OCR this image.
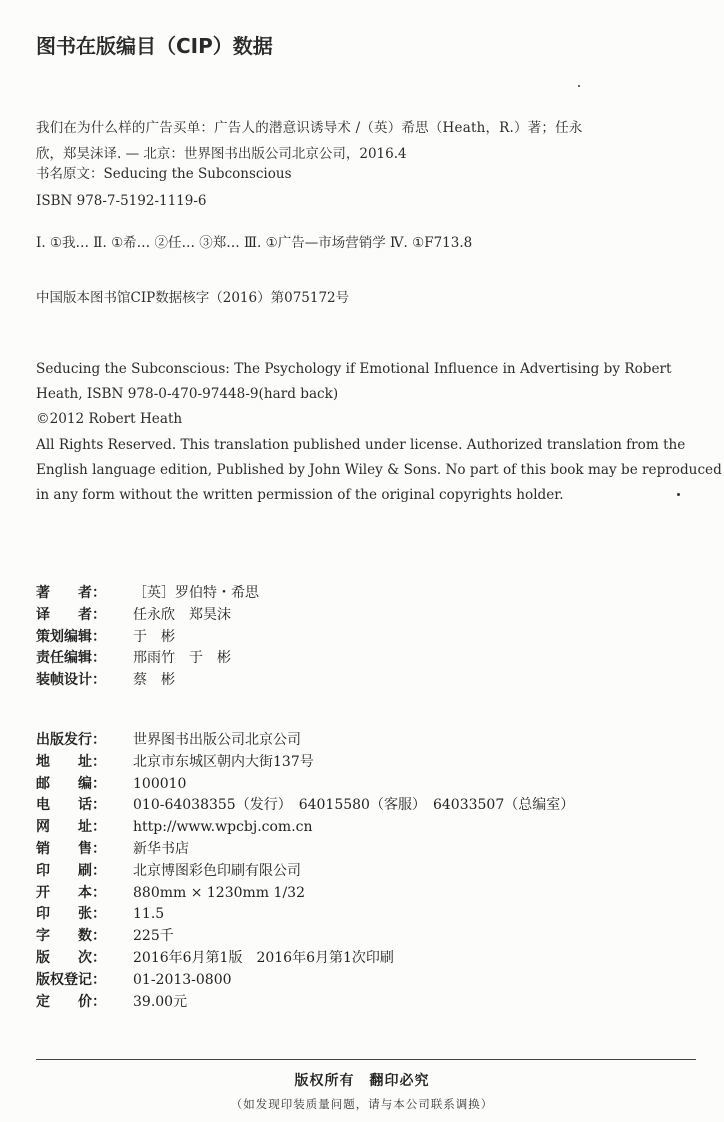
图书在版编目（CIP）数据
我们在为什么样的广告买单：广告人的潜意识诱导术 /（英）希思（Heath，R.）著；任永
欣，郑昊沫译. — 北京：世界图书出版公司北京公司，2016.4
书名原文：Seducing the Subconscious
ISBN 978-7-5192-1119-6
Ⅰ. ①我… Ⅱ. ①希… ②任… ③郑… Ⅲ. ①广告—市场营销学 Ⅳ. ①F713.8
中国版本图书馆CIP数据核字（2016）第075172号
Seducing the Subconscious: The Psychology if Emotional Influence in Advertising by Robert
Heath, ISBN 978-0-470-97448-9(hard back)
©2012 Robert Heath
All Rights Reserved. This translation published under license. Authorized translation from the
English language edition, Published by John Wiley & Sons. No part of this book may be reproduced
in any form without the written permission of the original copyrights holder.
著　　者：	［英］罗伯特・希思
译　　者：	任永欣　郑昊沫
策划编辑：	于　彬
责任编辑：	邢雨竹　于　彬
装帧设计：	蔡　彬
出版发行：	世界图书出版公司北京公司
地　　址：	北京市东城区朝内大街137号
邮　　编：	100010
电　　话：	010-64038355（发行）　64015580（客服）　64033507（总编室）
网　　址：	http://www.wpcbj.com.cn
销　　售：	新华书店
印　　刷：	北京博图彩色印刷有限公司
开　　本：	880mm × 1230mm 1/32
印　　张：	11.5
字　　数：	225千
版　　次：	2016年6月第1版　2016年6月第1次印刷
版权登记：	01-2013-0800
定　　价：	39.00元
版权所有　翻印必究
（如发现印装质量问题，请与本公司联系调换）
